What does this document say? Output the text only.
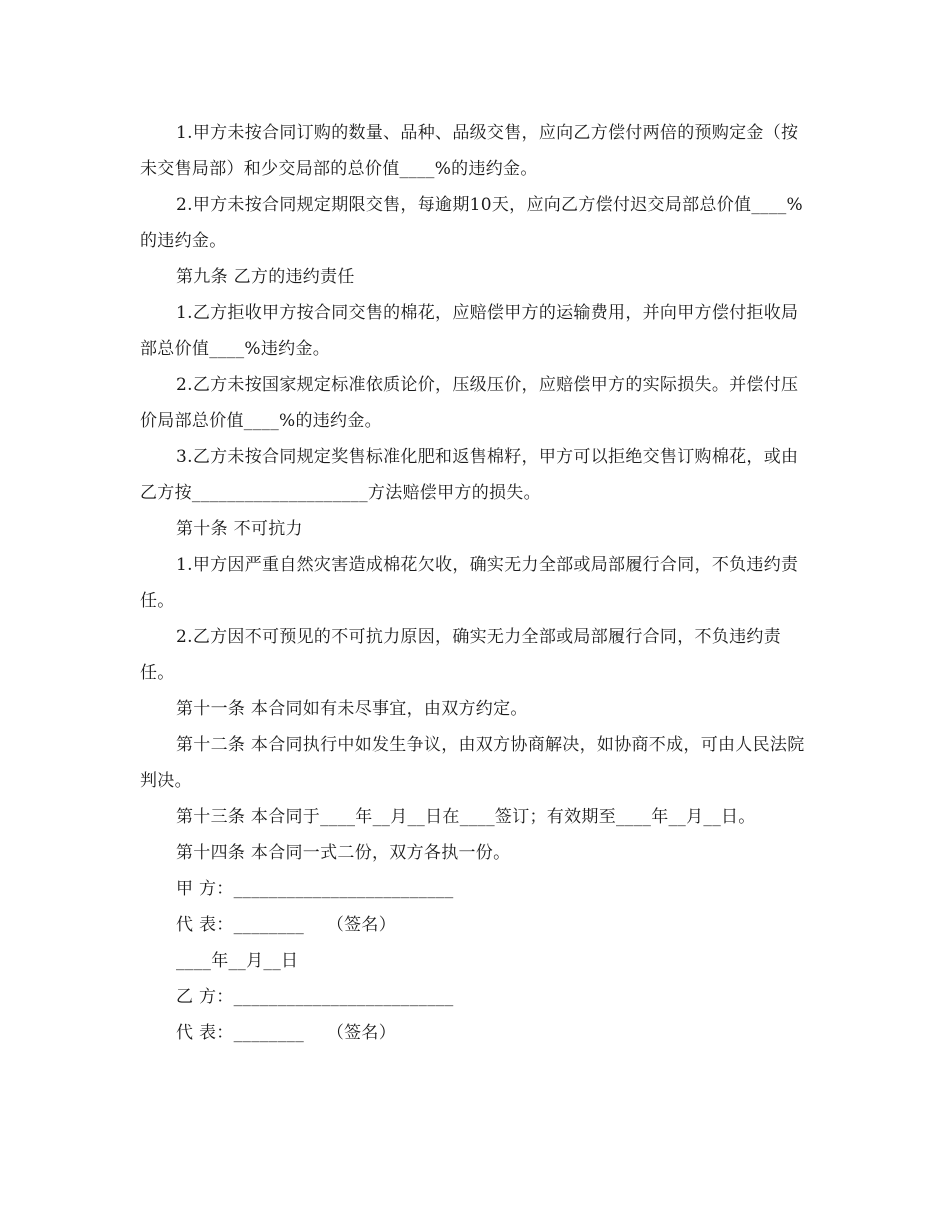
1.甲方未按合同订购的数量、品种、品级交售，应向乙方偿付两倍的预购定金（按未交售局部）和少交局部的总价值____%的违约金。

2.甲方未按合同规定期限交售，每逾期10天，应向乙方偿付迟交局部总价值____%的违约金。

第九条 乙方的违约责任

1.乙方拒收甲方按合同交售的棉花，应赔偿甲方的运输费用，并向甲方偿付拒收局部总价值____%违约金。

2.乙方未按国家规定标准依质论价，压级压价，应赔偿甲方的实际损失。并偿付压价局部总价值____%的违约金。

3.乙方未按合同规定奖售标准化肥和返售棉籽，甲方可以拒绝交售订购棉花，或由乙方按____________________方法赔偿甲方的损失。

第十条 不可抗力

1.甲方因严重自然灾害造成棉花欠收，确实无力全部或局部履行合同，不负违约责任。

2.乙方因不可预见的不可抗力原因，确实无力全部或局部履行合同，不负违约责任。

第十一条 本合同如有未尽事宜，由双方约定。

第十二条 本合同执行中如发生争议，由双方协商解决，如协商不成，可由人民法院判决。

第十三条 本合同于____年__月__日在____签订；有效期至____年__月__日。

第十四条 本合同一式二份，双方各执一份。

甲 方：_________________________

代 表：________    （签名）

____年__月__日

乙 方：_________________________

代 表：________    （签名）
